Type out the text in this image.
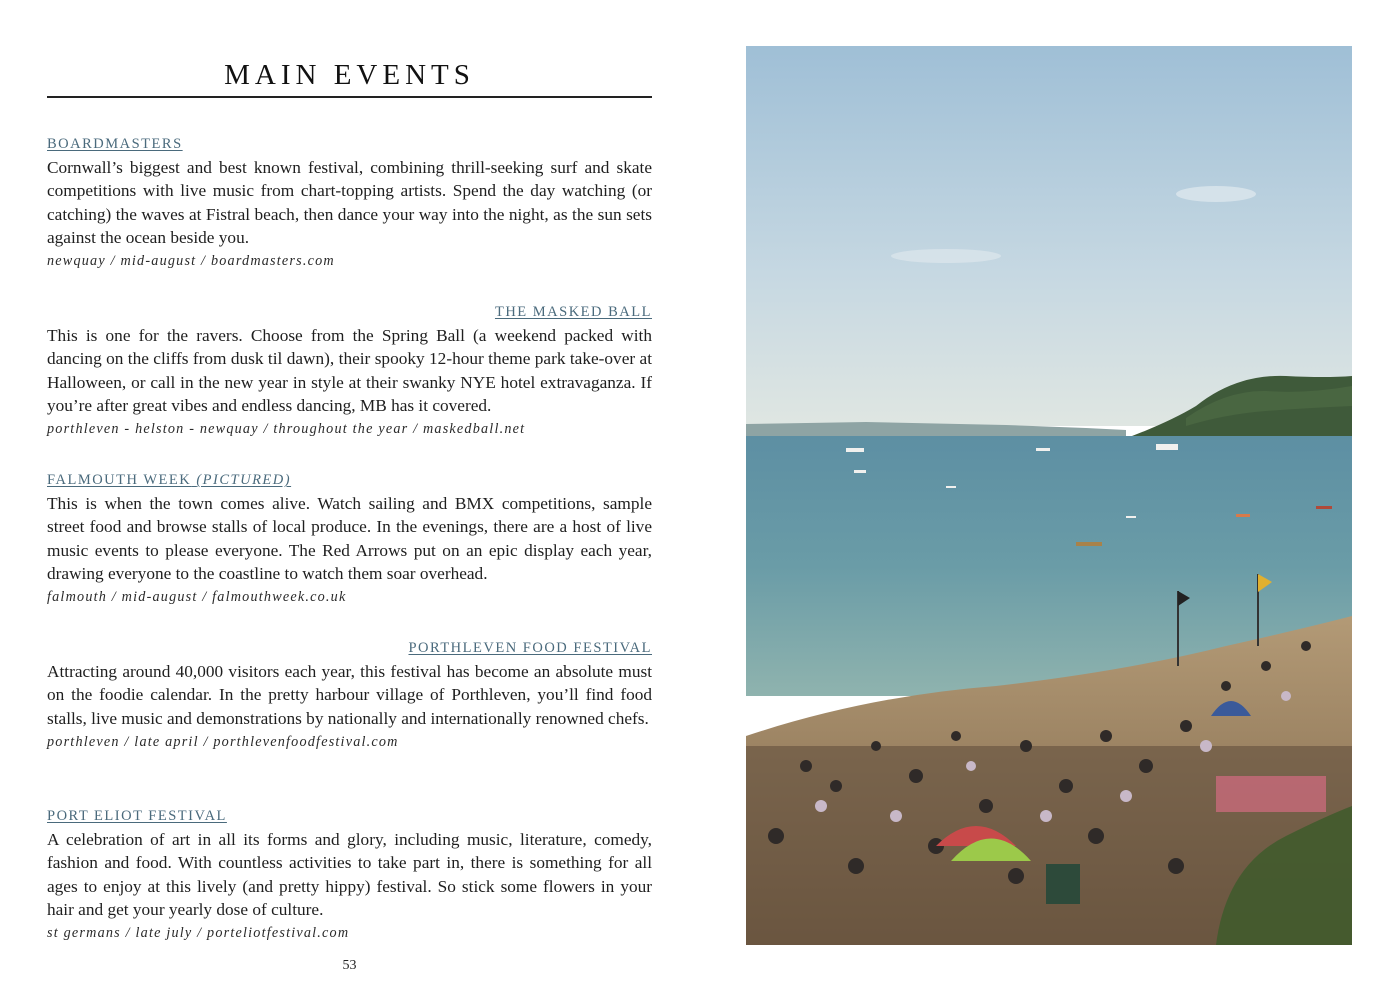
MAIN EVENTS
BOARDMASTERS

Cornwall’s biggest and best known festival, combining thrill-seeking surf and skate competitions with live music from chart-topping artists. Spend the day watching (or catching) the waves at Fistral beach, then dance your way into the night, as the sun sets against the ocean beside you.

newquay / mid-august / boardmasters.com
THE MASKED BALL

This is one for the ravers. Choose from the Spring Ball (a weekend packed with dancing on the cliffs from dusk til dawn), their spooky 12-hour theme park take-over at Halloween, or call in the new year in style at their swanky NYE hotel extravaganza. If you’re after great vibes and endless dancing, MB has it covered.

porthleven - helston - newquay / throughout the year / maskedball.net
FALMOUTH WEEK (PICTURED)

This is when the town comes alive. Watch sailing and BMX competitions, sample street food and browse stalls of local produce. In the evenings, there are a host of live music events to please everyone. The Red Arrows put on an epic display each year, drawing everyone to the coastline to watch them soar overhead.

falmouth / mid-august / falmouthweek.co.uk
PORTHLEVEN FOOD FESTIVAL

Attracting around 40,000 visitors each year, this festival has become an absolute must on the foodie calendar. In the pretty harbour village of Porthleven, you’ll find food stalls, live music and demonstrations by nationally and internationally renowned chefs.

porthleven / late april / porthlevenfoodfestival.com
PORT ELIOT FESTIVAL

A celebration of art in all its forms and glory, including music, literature, comedy, fashion and food. With countless activities to take part in, there is something for all ages to enjoy at this lively (and pretty hippy) festival. So stick some flowers in your hair and get your yearly dose of culture.

st germans / late july / porteliotfestival.com
53
